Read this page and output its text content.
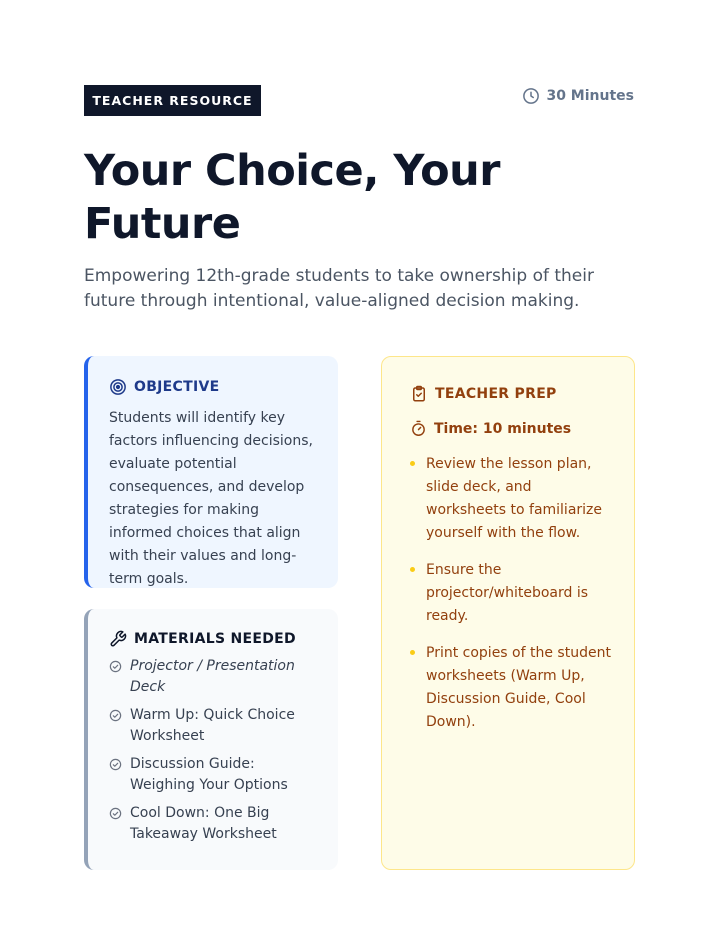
TEACHER RESOURCE	30 Minutes
Your Choice, Your Future

Empowering 12th-grade students to take ownership of their future through intentional, value-aligned decision making.

OBJECTIVE

Students will identify key factors influencing decisions, evaluate potential consequences, and develop strategies for making informed choices that align with their values and long-term goals.

MATERIALS NEEDED
Projector / Presentation Deck
Warm Up: Quick Choice Worksheet
Discussion Guide: Weighing Your Options
Cool Down: One Big Takeaway Worksheet
TEACHER PREP
Time: 10 minutes
Review the lesson plan, slide deck, and worksheets to familiarize yourself with the flow.
Ensure the projector/whiteboard is ready.
Print copies of the student worksheets (Warm Up, Discussion Guide, Cool Down).
